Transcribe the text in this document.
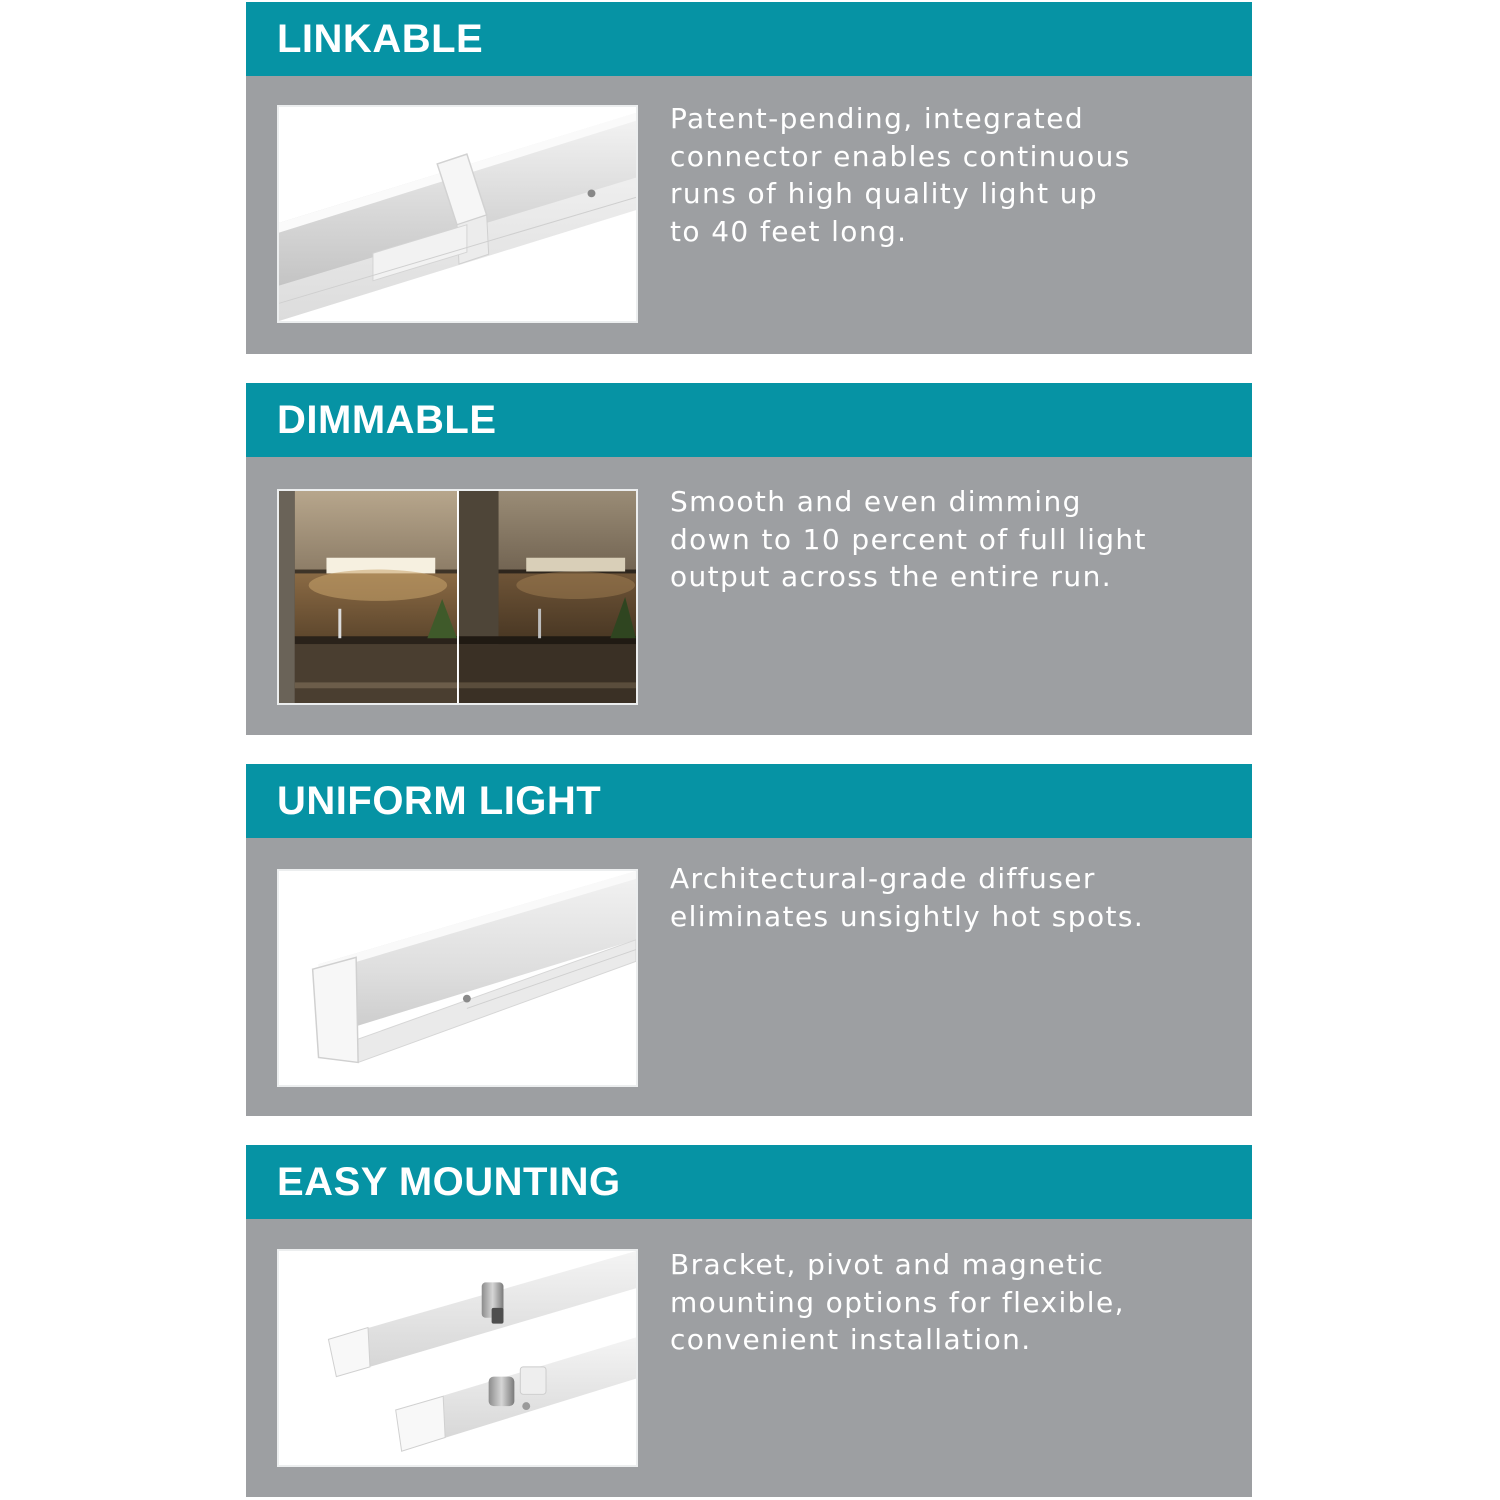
LINKABLE

Patent-pending, integrated
connector enables continuous
runs of high quality light up
to 40 feet long.

DIMMABLE

Smooth and even dimming
down to 10 percent of full light
output across the entire run.

UNIFORM LIGHT

Architectural-grade diffuser
eliminates unsightly hot spots.

EASY MOUNTING

Bracket, pivot and magnetic
mounting options for flexible,
convenient installation.
